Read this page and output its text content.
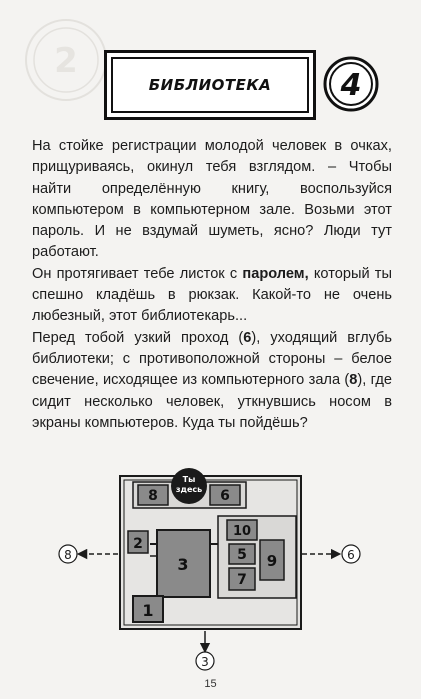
2
БИБЛИОТЕКА 4

На стойке регистрации молодой человек в очках, прищуриваясь, окинул тебя взглядом. – Чтобы найти определённую книгу, воспользуйся компьютером в компьютерном зале. Возьми этот пароль. И не вздумай шуметь, ясно? Люди тут работают.

Он протягивает тебе листок с паролем, который ты спешно кладёшь в рюкзак. Какой-то не очень любезный, этот библиотекарь...

Перед тобой узкий проход (6), уходящий вглубь библиотеки; с противоположной стороны – белое свечение, исходящее из компьютерного зала (8), где сидит несколько человек, уткнувшись носом в экраны компьютеров. Куда ты пойдёшь?

8	6
Ты
здесь
2
3
1
10
5
7
9
8	6
3
15
